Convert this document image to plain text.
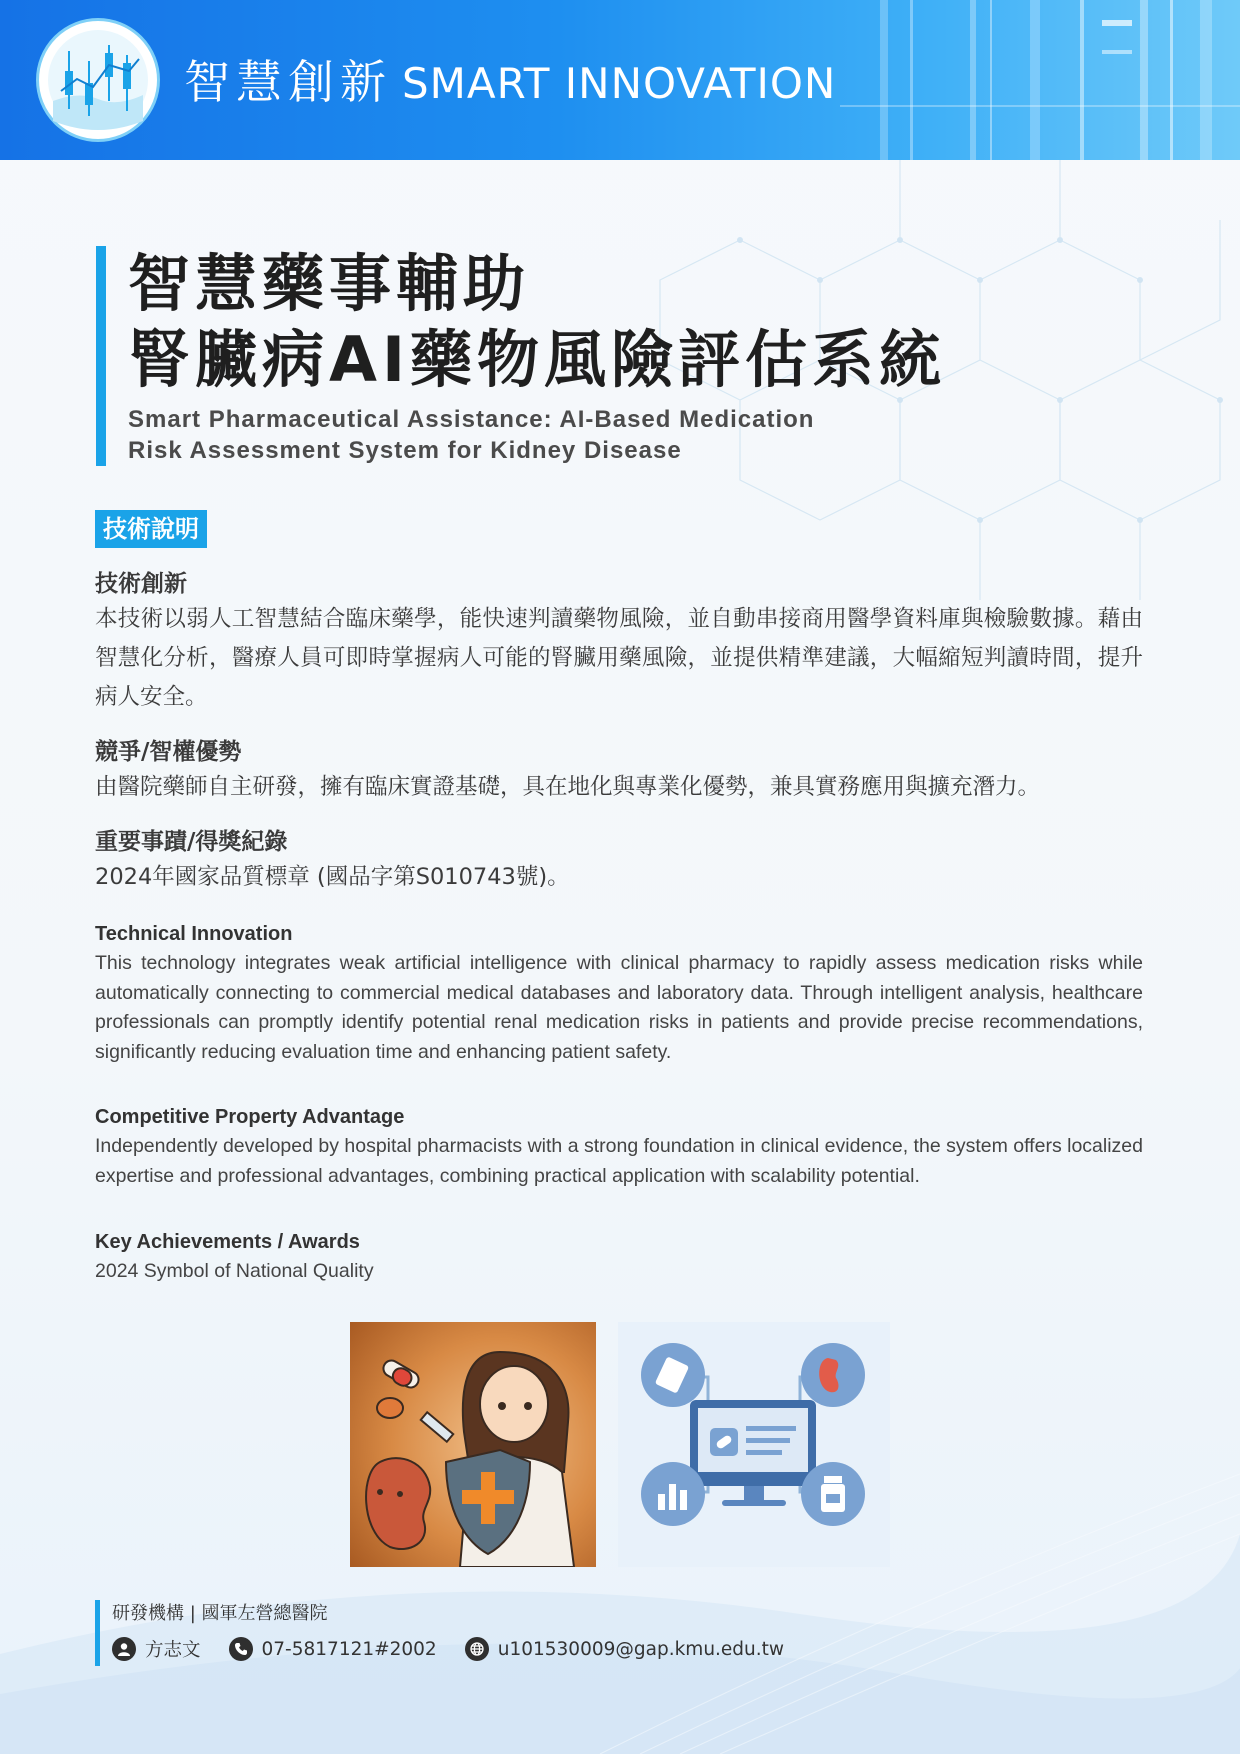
智慧創新 SMART INNOVATION
智慧藥事輔助
腎臟病AI藥物風險評估系統
Smart Pharmaceutical Assistance: AI-Based Medication
Risk Assessment System for Kidney Disease
技術說明
技術創新

本技術以弱人工智慧結合臨床藥學，能快速判讀藥物風險，並自動串接商用醫學資料庫與檢驗數據。藉由智慧化分析，醫療人員可即時掌握病人可能的腎臟用藥風險，並提供精準建議，大幅縮短判讀時間，提升病人安全。

競爭/智權優勢

由醫院藥師自主研發，擁有臨床實證基礎，具在地化與專業化優勢，兼具實務應用與擴充潛力。

重要事蹟/得獎紀錄

2024年國家品質標章 (國品字第S010743號)。

Technical Innovation

This technology integrates weak artificial intelligence with clinical pharmacy to rapidly assess medication risks while automatically connecting to commercial medical databases and laboratory data. Through intelligent analysis, healthcare professionals can promptly identify potential renal medication risks in patients and provide precise recommendations, significantly reducing evaluation time and enhancing patient safety.

Competitive Property Advantage

Independently developed by hospital pharmacists with a strong foundation in clinical evidence, the system offers localized expertise and professional advantages, combining practical application with scalability potential.

Key Achievements / Awards

2024 Symbol of National Quality

研發機構 | 國軍左營總醫院
方志文	07-5817121#2002	u101530009@gap.kmu.edu.tw
